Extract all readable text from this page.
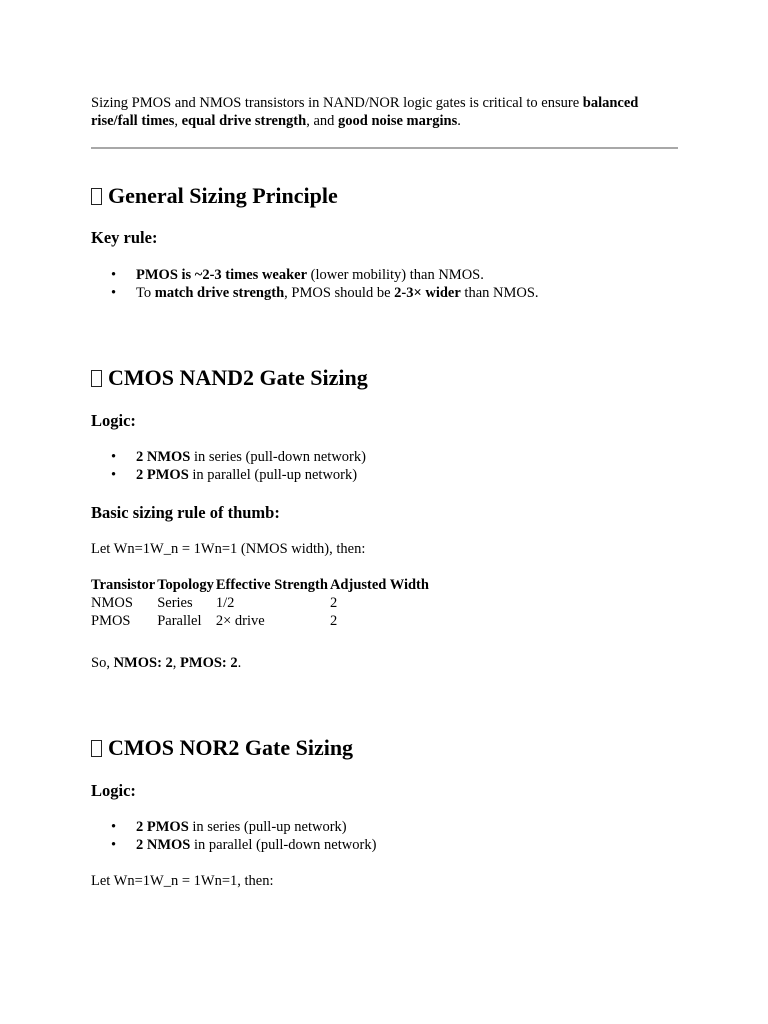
Sizing PMOS and NMOS transistors in NAND/NOR logic gates is critical to ensure balanced rise/fall times, equal drive strength, and good noise margins.

General Sizing Principle
Key rule:
• PMOS is ~2-3 times weaker (lower mobility) than NMOS.
• To match drive strength, PMOS should be 2-3× wider than NMOS.
CMOS NAND2 Gate Sizing
Logic:
• 2 NMOS in series (pull-down network)
• 2 PMOS in parallel (pull-up network)
Basic sizing rule of thumb:

Let Wn=1W_n = 1Wn=1 (NMOS width), then:

Transistor	Topology	Effective Strength	Adjusted Width
NMOS	Series	1/2	2
PMOS	Parallel	2× drive	2

So, NMOS: 2, PMOS: 2.

CMOS NOR2 Gate Sizing
Logic:
• 2 PMOS in series (pull-up network)
• 2 NMOS in parallel (pull-down network)

Let Wn=1W_n = 1Wn=1, then:
